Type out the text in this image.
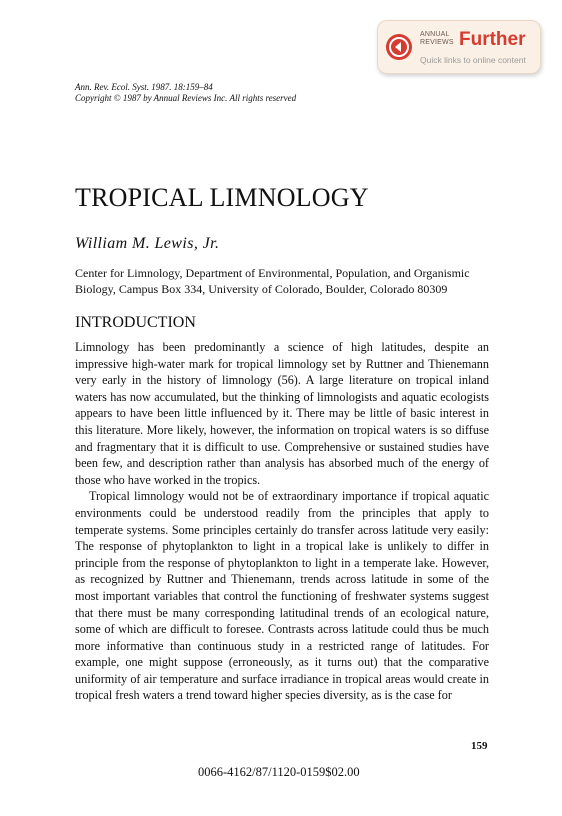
ANNUAL
REVIEWS Further
Quick links to online content
Ann. Rev. Ecol. Syst. 1987. 18:159–84
Copyright © 1987 by Annual Reviews Inc. All rights reserved
TROPICAL LIMNOLOGY
William M. Lewis, Jr.
Center for Limnology, Department of Environmental, Population, and Organismic
Biology, Campus Box 334, University of Colorado, Boulder, Colorado 80309
INTRODUCTION

Limnology has been predominantly a science of high latitudes, despite an impressive high-water mark for tropical limnology set by Ruttner and Thienemann very early in the history of limnology (56). A large literature on tropical inland waters has now accumulated, but the thinking of limnologists and aquatic ecologists appears to have been little influenced by it. There may be little of basic interest in this literature. More likely, however, the information on tropical waters is so diffuse and fragmentary that it is difficult to use. Comprehensive or sustained studies have been few, and description rather than analysis has absorbed much of the energy of those who have worked in the tropics.

Tropical limnology would not be of extraordinary importance if tropical aquatic environments could be understood readily from the principles that apply to temperate systems. Some principles certainly do transfer across latitude very easily: The response of phytoplankton to light in a tropical lake is unlikely to differ in principle from the response of phytoplankton to light in a temperate lake. However, as recognized by Ruttner and Thienemann, trends across latitude in some of the most important variables that control the functioning of freshwater systems suggest that there must be many corresponding latitudinal trends of an ecological nature, some of which are difficult to foresee. Contrasts across latitude could thus be much more informative than continuous study in a restricted range of latitudes. For example, one might suppose (erroneously, as it turns out) that the comparative uniformity of air temperature and surface irradiance in tropical areas would create in tropical fresh waters a trend toward higher species diversity, as is the case for

159
0066-4162/87/1120-0159$02.00
